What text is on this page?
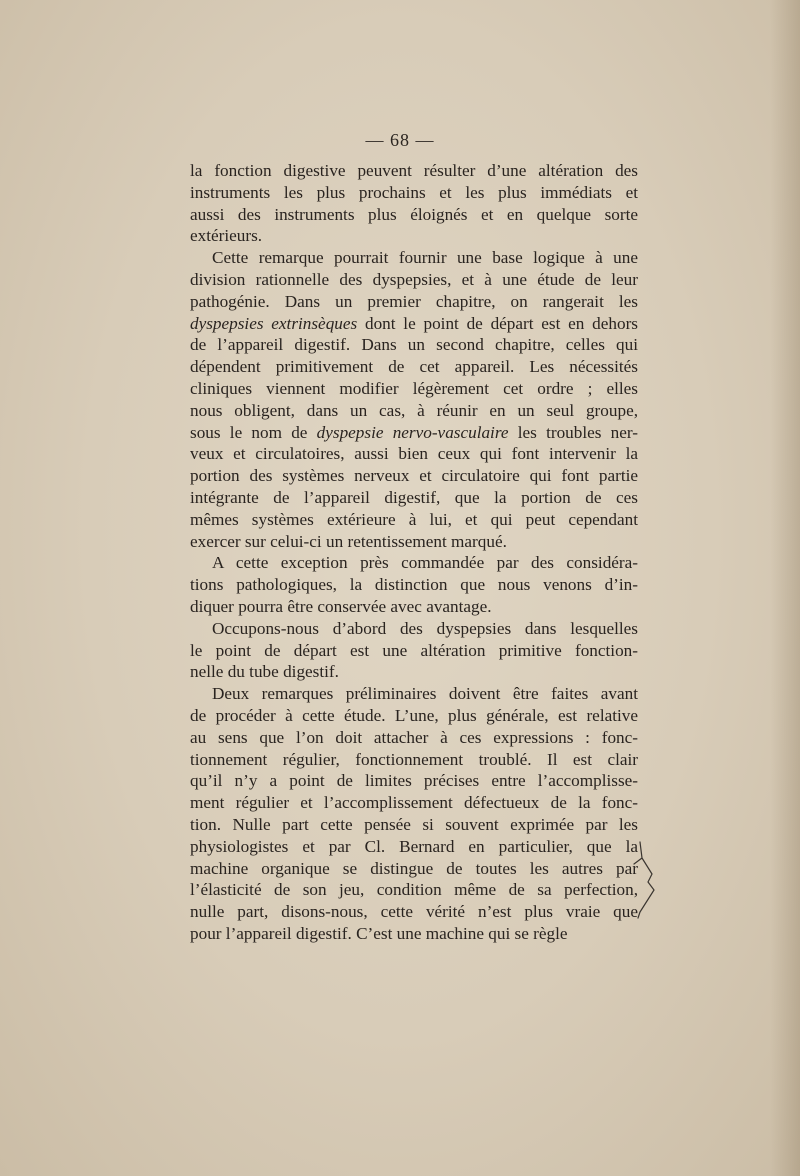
— 68 —
la fonction digestive peuvent résulter d’une altération des
instruments les plus prochains et les plus immédiats et
aussi des instruments plus éloignés et en quelque sorte
extérieurs.
Cette remarque pourrait fournir une base logique à une
division rationnelle des dyspepsies, et à une étude de leur
pathogénie. Dans un premier chapitre, on rangerait les
dyspepsies extrinsèques dont le point de départ est en dehors
de l’appareil digestif. Dans un second chapitre, celles qui
dépendent primitivement de cet appareil. Les nécessités
cliniques viennent modifier légèrement cet ordre ; elles
nous obligent, dans un cas, à réunir en un seul groupe,
sous le nom de dyspepsie nervo-vasculaire les troubles ner-
veux et circulatoires, aussi bien ceux qui font intervenir la
portion des systèmes nerveux et circulatoire qui font partie
intégrante de l’appareil digestif, que la portion de ces
mêmes systèmes extérieure à lui, et qui peut cependant
exercer sur celui-ci un retentissement marqué.
A cette exception près commandée par des considéra-
tions pathologiques, la distinction que nous venons d’in-
diquer pourra être conservée avec avantage.
Occupons-nous d’abord des dyspepsies dans lesquelles
le point de départ est une altération primitive fonction-
nelle du tube digestif.
Deux remarques préliminaires doivent être faites avant
de procéder à cette étude. L’une, plus générale, est relative
au sens que l’on doit attacher à ces expressions : fonc-
tionnement régulier, fonctionnement troublé. Il est clair
qu’il n’y a point de limites précises entre l’accomplisse-
ment régulier et l’accomplissement défectueux de la fonc-
tion. Nulle part cette pensée si souvent exprimée par les
physiologistes et par Cl. Bernard en particulier, que la
machine organique se distingue de toutes les autres par
l’élasticité de son jeu, condition même de sa perfection,
nulle part, disons-nous, cette vérité n’est plus vraie que
pour l’appareil digestif. C’est une machine qui se règle
